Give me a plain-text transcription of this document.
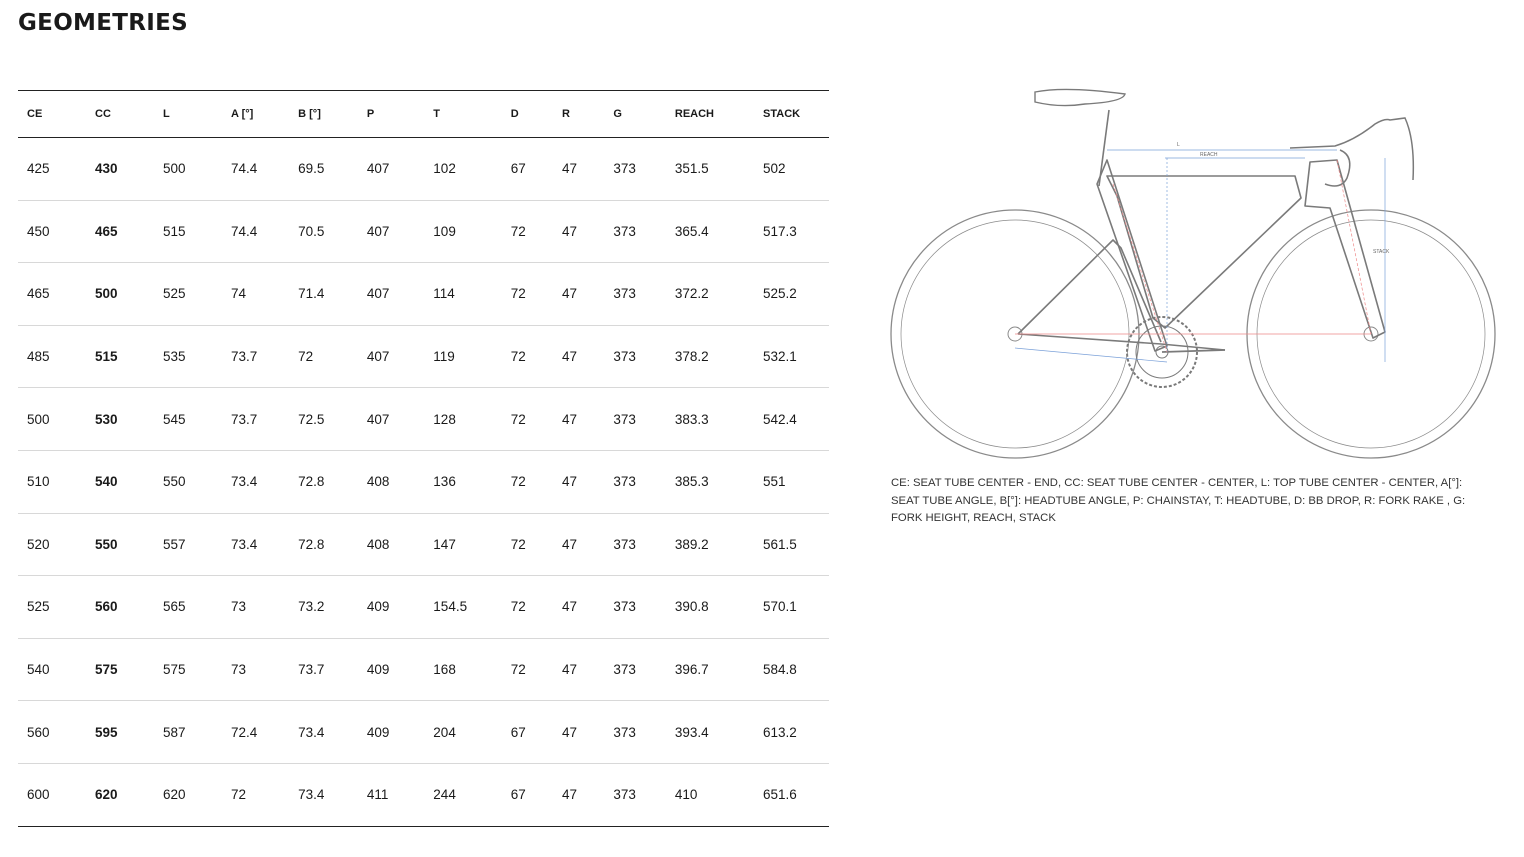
GEOMETRIES
CE	CC	L	A [°]	B [°]	P	T	D	R	G	REACH	STACK
425	430	500	74.4	69.5	407	102	67	47	373	351.5	502
450	465	515	74.4	70.5	407	109	72	47	373	365.4	517.3
465	500	525	74	71.4	407	114	72	47	373	372.2	525.2
485	515	535	73.7	72	407	119	72	47	373	378.2	532.1
500	530	545	73.7	72.5	407	128	72	47	373	383.3	542.4
510	540	550	73.4	72.8	408	136	72	47	373	385.3	551
520	550	557	73.4	72.8	408	147	72	47	373	389.2	561.5
525	560	565	73	73.2	409	154.5	72	47	373	390.8	570.1
540	575	575	73	73.7	409	168	72	47	373	396.7	584.8
560	595	587	72.4	73.4	409	204	67	47	373	393.4	613.2
600	620	620	72	73.4	411	244	67	47	373	410	651.6
L
REACH
STACK

CE: SEAT TUBE CENTER - END, CC: SEAT TUBE CENTER - CENTER, L: TOP TUBE CENTER - CENTER, A[°]: SEAT TUBE ANGLE, B[°]: HEADTUBE ANGLE, P: CHAINSTAY, T: HEADTUBE, D: BB DROP, R: FORK RAKE , G: FORK HEIGHT, REACH, STACK
